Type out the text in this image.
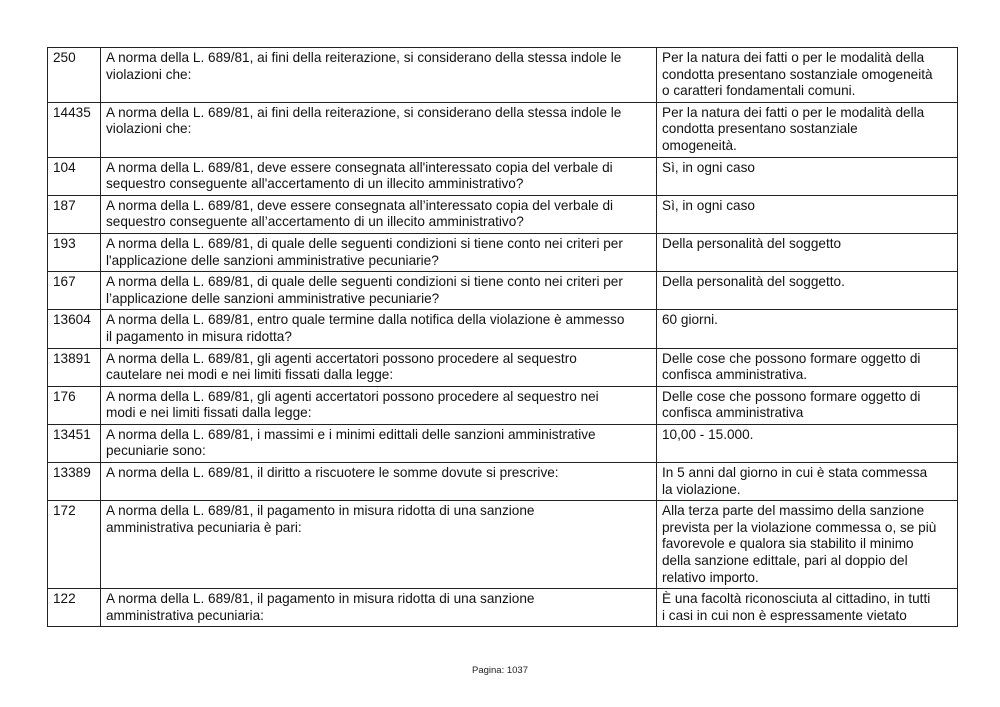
250	A norma della L. 689/81, ai fini della reiterazione, si considerano della stessa indole le
violazioni che:	Per la natura dei fatti o per le modalità della
condotta presentano sostanziale omogeneità
o caratteri fondamentali comuni.
14435	A norma della L. 689/81, ai fini della reiterazione, si considerano della stessa indole le
violazioni che:	Per la natura dei fatti o per le modalità della
condotta presentano sostanziale
omogeneità.
104	A norma della L. 689/81, deve essere consegnata all'interessato copia del verbale di
sequestro conseguente all'accertamento di un illecito amministrativo?	Sì, in ogni caso
187	A norma della L. 689/81, deve essere consegnata all’interessato copia del verbale di
sequestro conseguente all’accertamento di un illecito amministrativo?	Sì, in ogni caso
193	A norma della L. 689/81, di quale delle seguenti condizioni si tiene conto nei criteri per
l'applicazione delle sanzioni amministrative pecuniarie?	Della personalità del soggetto
167	A norma della L. 689/81, di quale delle seguenti condizioni si tiene conto nei criteri per
l’applicazione delle sanzioni amministrative pecuniarie?	Della personalità del soggetto.
13604	A norma della L. 689/81, entro quale termine dalla notifica della violazione è ammesso
il pagamento in misura ridotta?	60 giorni.
13891	A norma della L. 689/81, gli agenti accertatori possono procedere al sequestro
cautelare nei modi e nei limiti fissati dalla legge:	Delle cose che possono formare oggetto di
confisca amministrativa.
176	A norma della L. 689/81, gli agenti accertatori possono procedere al sequestro nei
modi e nei limiti fissati dalla legge:	Delle cose che possono formare oggetto di
confisca amministrativa
13451	A norma della L. 689/81, i massimi e i minimi edittali delle sanzioni amministrative
pecuniarie sono:	10,00 - 15.000.
13389	A norma della L. 689/81, il diritto a riscuotere le somme dovute si prescrive:	In 5 anni dal giorno in cui è stata commessa
la violazione.
172	A norma della L. 689/81, il pagamento in misura ridotta di una sanzione
amministrativa pecuniaria è pari:	Alla terza parte del massimo della sanzione
prevista per la violazione commessa o, se più
favorevole e qualora sia stabilito il minimo
della sanzione edittale, pari al doppio del
relativo importo.
122	A norma della L. 689/81, il pagamento in misura ridotta di una sanzione
amministrativa pecuniaria:	È una facoltà riconosciuta al cittadino, in tutti
i casi in cui non è espressamente vietato
Pagina: 1037
